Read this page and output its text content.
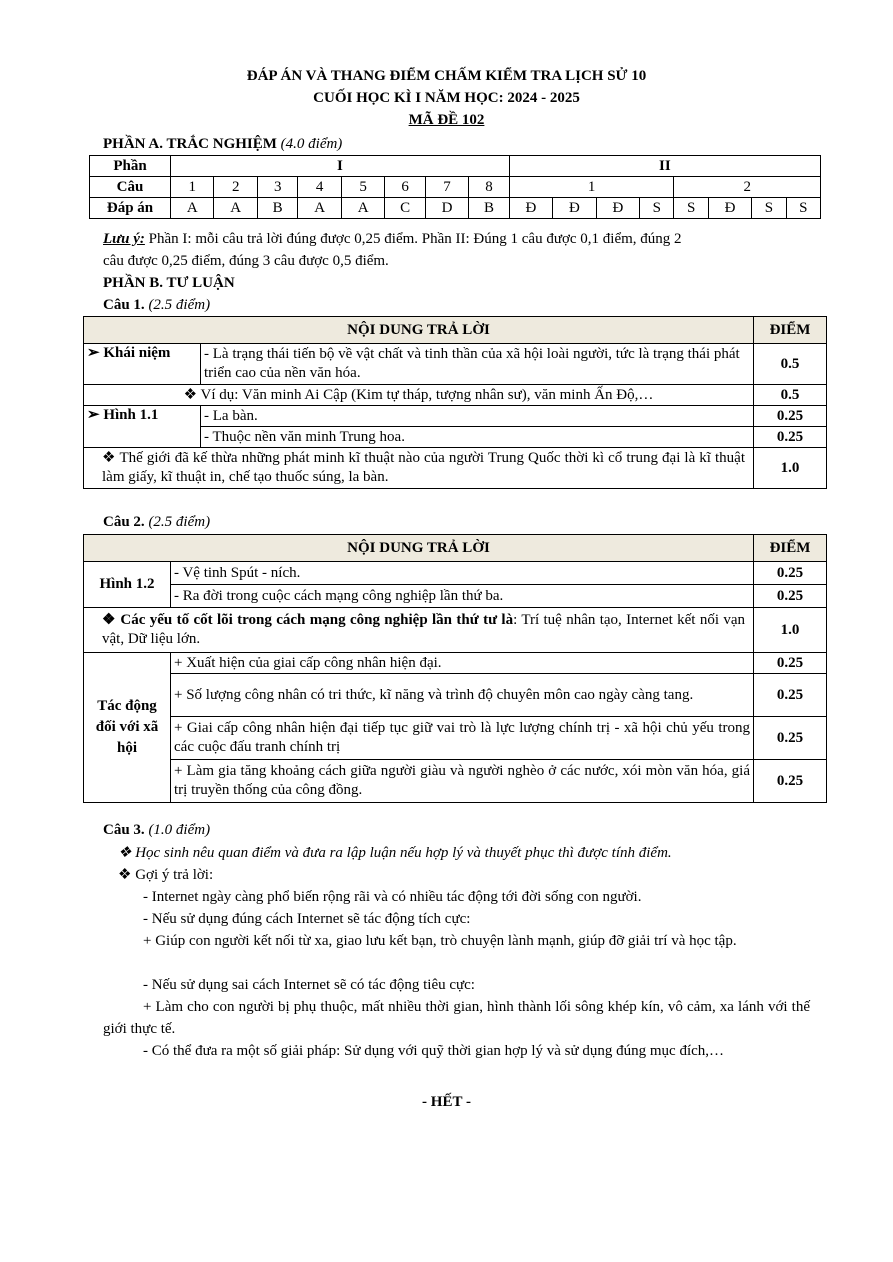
ĐÁP ÁN VÀ THANG ĐIỂM CHẤM KIỂM TRA LỊCH SỬ 10
CUỐI HỌC KÌ I NĂM HỌC: 2024 - 2025
MÃ ĐỀ 102
PHẦN A. TRẮC NGHIỆM (4.0 điểm)
Phần	I								II							
Câu	1	2	3	4	5	6	7	8	1				2			
Đáp án	A	A	B	A	A	C	D	B	Đ	Đ	Đ	S	S	Đ	S	S
Lưu ý: Phần I: mỗi câu trả lời đúng được 0,25 điểm. Phần II: Đúng 1 câu được 0,1 điểm, đúng 2
câu được 0,25 điểm, đúng 3 câu được 0,5 điểm.
PHẦN B. TƯ LUẬN
Câu 1. (2.5 điểm)
NỘI DUNG TRẢ LỜI		ĐIỂM
➢ Khái niệm	- Là trạng thái tiến bộ về vật chất và tinh thần của xã hội loài người, tức là trạng thái phát triển cao của nền văn hóa.	0.5
❖ Ví dụ: Văn minh Ai Cập (Kim tự tháp, tượng nhân sư), văn minh Ấn Độ,…		0.5
➢ Hình 1.1	- La bàn.	0.25
	- Thuộc nền văn minh Trung hoa.	0.25
❖ Thế giới đã kế thừa những phát minh kĩ thuật nào của người Trung Quốc thời kì cổ trung đại là kĩ thuật làm giấy, kĩ thuật in, chế tạo thuốc súng, la bàn.		1.0
Câu 2. (2.5 điểm)
NỘI DUNG TRẢ LỜI		ĐIỂM
Hình 1.2	- Vệ tinh Spút - ních.	0.25
	- Ra đời trong cuộc cách mạng công nghiệp lần thứ ba.	0.25
❖ Các yếu tố cốt lõi trong cách mạng công nghiệp lần thứ tư là: Trí tuệ nhân tạo, Internet kết nối vạn vật, Dữ liệu lớn.		1.0
Tác động đối với xã hội	+ Xuất hiện của giai cấp công nhân hiện đại.	0.25
	+ Số lượng công nhân có tri thức, kĩ năng và trình độ chuyên môn cao ngày càng tang.	0.25
	+ Giai cấp công nhân hiện đại tiếp tục giữ vai trò là lực lượng chính trị - xã hội chủ yếu trong các cuộc đấu tranh chính trị	0.25
	+ Làm gia tăng khoảng cách giữa người giàu và người nghèo ở các nước, xói mòn văn hóa, giá trị truyền thống của công đồng.	0.25
Câu 3. (1.0 điểm)
❖ Học sinh nêu quan điểm và đưa ra lập luận nếu hợp lý và thuyết phục thì được tính điểm.
❖ Gợi ý trả lời:
- Internet ngày càng phổ biến rộng rãi và có nhiều tác động tới đời sống con người.
- Nếu sử dụng đúng cách Internet sẽ tác động tích cực:
+ Giúp con người kết nối từ xa, giao lưu kết bạn, trò chuyện lành mạnh, giúp đỡ giải trí và học tập.
- Nếu sử dụng sai cách Internet sẽ có tác động tiêu cực:
+ Làm cho con người bị phụ thuộc, mất nhiều thời gian, hình thành lối sông khép kín, vô cảm, xa lánh với thế giới thực tế.
- Có thể đưa ra một số giải pháp: Sử dụng với quỹ thời gian hợp lý và sử dụng đúng mục đích,…
- HẾT -
